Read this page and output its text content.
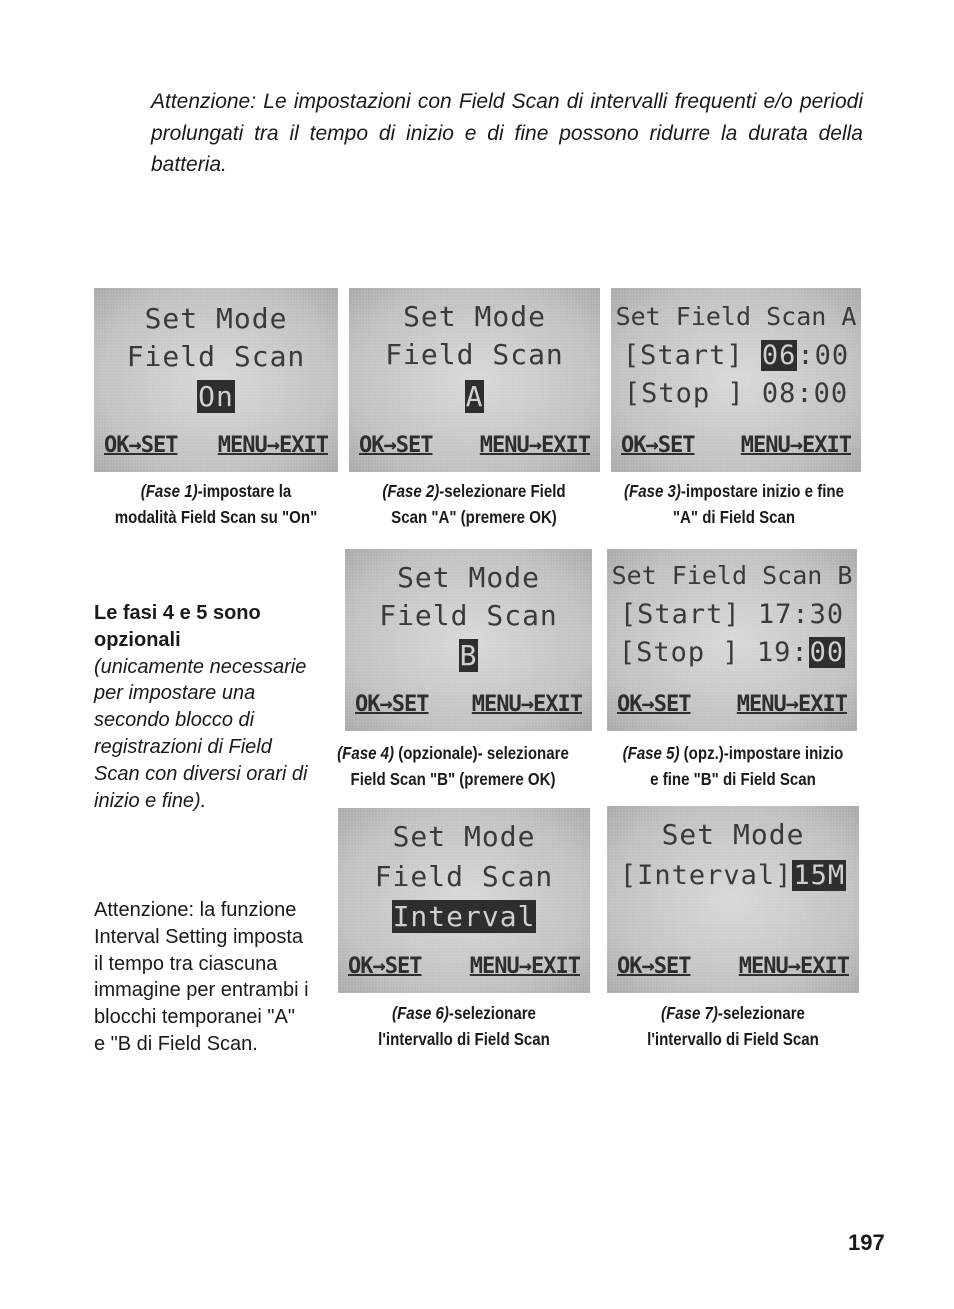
Attenzione: Le impostazioni con Field Scan di intervalli frequenti e/o periodi prolungati tra il tempo di inizio e di fine possono ridurre la durata della batteria.
Set Mode
Field Scan
On
OK→SET MENU→EXIT
Set Mode
Field Scan
A
OK→SET MENU→EXIT
Set Field Scan A
[Start] 06:00
[Stop ] 08:00
OK→SET MENU→EXIT
(Fase 1)-impostare la
modalità Field Scan su "On"
(Fase 2)-selezionare Field
Scan "A" (premere OK)
(Fase 3)-impostare inizio e fine
"A" di Field Scan
Le fasi 4 e 5 sono opzionali
(unicamente necessarie per impostare una secondo blocco di registrazioni di Field Scan con diversi orari di inizio e fine).
Set Mode
Field Scan
B
OK→SET MENU→EXIT
Set Field Scan B
[Start] 17:30
[Stop ] 19:00
OK→SET MENU→EXIT
(Fase 4) (opzionale)- selezionare
Field Scan "B" (premere OK)
(Fase 5) (opz.)-impostare inizio
e fine "B" di Field Scan
Set Mode
Field Scan
Interval
OK→SET MENU→EXIT
Set Mode
[Interval]15M
OK→SET MENU→EXIT
(Fase 6)-selezionare
l'intervallo di Field Scan
(Fase 7)-selezionare
l'intervallo di Field Scan
Attenzione: la funzione Interval Setting imposta il tempo tra ciascuna immagine per entrambi i blocchi temporanei "A" e "B di Field Scan.
197
